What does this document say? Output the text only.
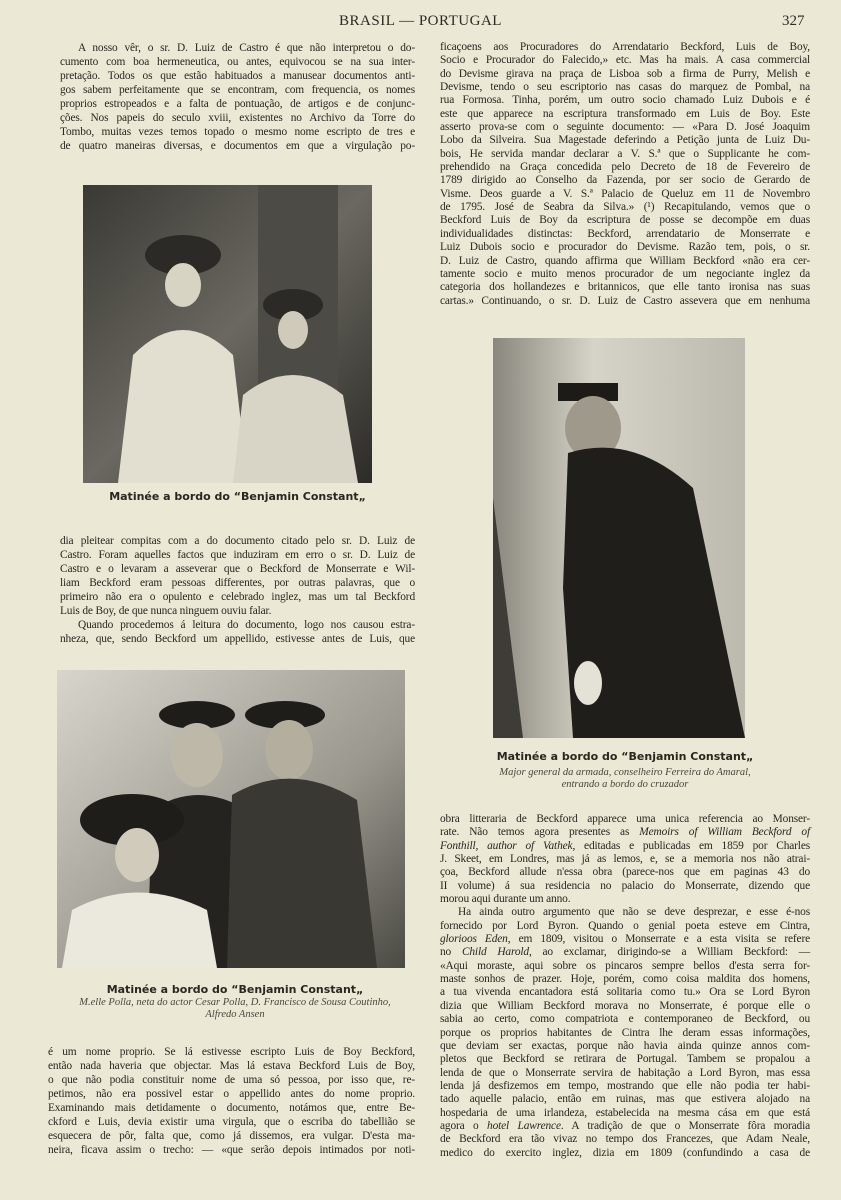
BRASIL — PORTUGAL	327
A nosso vêr, o sr. D. Luiz de Castro é que não interpretou o do-
cumento com boa hermeneutica, ou antes, equivocou se na sua inter-
pretação. Todos os que estão habituados a manusear documentos anti-
gos sabem perfeitamente que se encontram, com frequencia, os nomes
proprios estropeados e a falta de pontuação, de artigos e de conjunc-
ções. Nos papeis do seculo xviii, existentes no Archivo da Torre do
Tombo, muitas vezes temos topado o mesmo nome escripto de tres e
de quatro maneiras diversas, e documentos em que a virgulação po-
Matinée a bordo do “Benjamin Constant„
dia pleitear compitas com a do documento citado pelo sr. D. Luiz de
Castro. Foram aquelles factos que induziram em erro o sr. D. Luiz de
Castro e o levaram a asseverar que o Beckford de Monserrate e Wil-
liam Beckford eram pessoas differentes, por outras palavras, que o
primeiro não era o opulento e celebrado inglez, mas um tal Beckford
Luis de Boy, de que nunca ninguem ouviu falar.
Quando procedemos á leitura do documento, logo nos causou estra-
nheza, que, sendo Beckford um appellido, estivesse antes de Luis, que
Matinée a bordo do “Benjamin Constant„
M.elle Polla, neta do actor Cesar Polla, D. Francisco de Sousa Coutinho,
Alfredo Ansen
é um nome proprio. Se lá estivesse escripto Luis de Boy Beckford,
então nada haveria que objectar. Mas lá estava Beckford Luis de Boy,
o que não podia constituir nome de uma só pessoa, por isso que, re-
petimos, não era possivel estar o appellido antes do nome proprio.
Examinando mais detidamente o documento, notámos que, entre Be-
ckford e Luis, devia existir uma virgula, que o escriba do tabellião se
esquecera de pôr, falta que, como já dissemos, era vulgar. D'esta ma-
neira, ficava assim o trecho: — «que serão depois intimados por noti-
ficaçoens aos Procuradores do Arrendatario Beckford, Luis de Boy,
Socio e Procurador do Falecido,» etc. Mas ha mais. A casa commercial
do Devisme girava na praça de Lisboa sob a firma de Purry, Melish e
Devisme, tendo o seu escriptorio nas casas do marquez de Pombal, na
rua Formosa. Tinha, porém, um outro socio chamado Luiz Dubois e é
este que apparece na escriptura transformado em Luis de Boy. Este
asserto prova-se com o seguinte documento: — «Para D. José Joaquim
Lobo da Silveira. Sua Magestade deferindo a Petição junta de Luiz Du-
bois, He servida mandar declarar a V. S.ª que o Supplicante he com-
prehendido na Graça concedida pelo Decreto de 18 de Fevereiro de
1789 dirigido ao Conselho da Fazenda, por ser socio de Gerardo de
Visme. Deos guarde a V. S.ª Palacio de Queluz em 11 de Novembro
de 1795. José de Seabra da Silva.» (¹) Recapitulando, vemos que o
Beckford Luis de Boy da escriptura de posse se decompõe em duas
individualidades distinctas: Beckford, arrendatario de Monserrate e
Luiz Dubois socio e procurador do Devisme. Razão tem, pois, o sr.
D. Luiz de Castro, quando affirma que William Beckford «não era cer-
tamente socio e muito menos procurador de um negociante inglez da
categoria dos hollandezes e britannicos, que elle tanto ironisa nas suas
cartas.» Continuando, o sr. D. Luiz de Castro assevera que em nenhuma
Matinée a bordo do “Benjamin Constant„
Major general da armada, conselheiro Ferreira do Amaral,
entrando a bordo do cruzador
obra litteraria de Beckford apparece uma unica referencia ao Monser-
rate. Não temos agora presentes as Memoirs of William Beckford of
Fonthill, author of Vathek, editadas e publicadas em 1859 por Charles
J. Skeet, em Londres, mas já as lemos, e, se a memoria nos não atrai-
çoa, Beckford allude n'essa obra (parece-nos que em paginas 43 do
II volume) á sua residencia no palacio do Monserrate, dizendo que
morou aqui durante um anno.
Ha ainda outro argumento que não se deve desprezar, e esse é-nos
fornecido por Lord Byron. Quando o genial poeta esteve em Cintra,
glorioos Eden, em 1809, visitou o Monserrate e a esta visita se refere
no Child Harold, ao exclamar, dirigindo-se a William Beckford: —
«Aqui moraste, aqui sobre os pincaros sempre bellos d'esta serra for-
maste sonhos de prazer. Hoje, porém, como coisa maldita dos homens,
a tua vivenda encantadora está solitaria como tu.» Ora se Lord Byron
dizia que William Beckford morava no Monserrate, é porque elle o
sabia ao certo, como compatriota e contemporaneo de Beckford, ou
porque os proprios habitantes de Cintra lhe deram essas informações,
que deviam ser exactas, porque não havia ainda quinze annos com-
pletos que Beckford se retirara de Portugal. Tambem se propalou a
lenda de que o Monserrate servira de habitação a Lord Byron, mas essa
lenda já desfizemos em tempo, mostrando que elle não podia ter habi-
tado aquelle palacio, então em ruinas, mas que estivera alojado na
hospedaria de uma irlandeza, estabelecida na mesma cása em que está
agora o hotel Lawrence. A tradição de que o Monserrate fôra moradia
de Beckford era tão vivaz no tempo dos Francezes, que Adam Neale,
medico do exercito inglez, dizia em 1809 (confundindo a casa de
